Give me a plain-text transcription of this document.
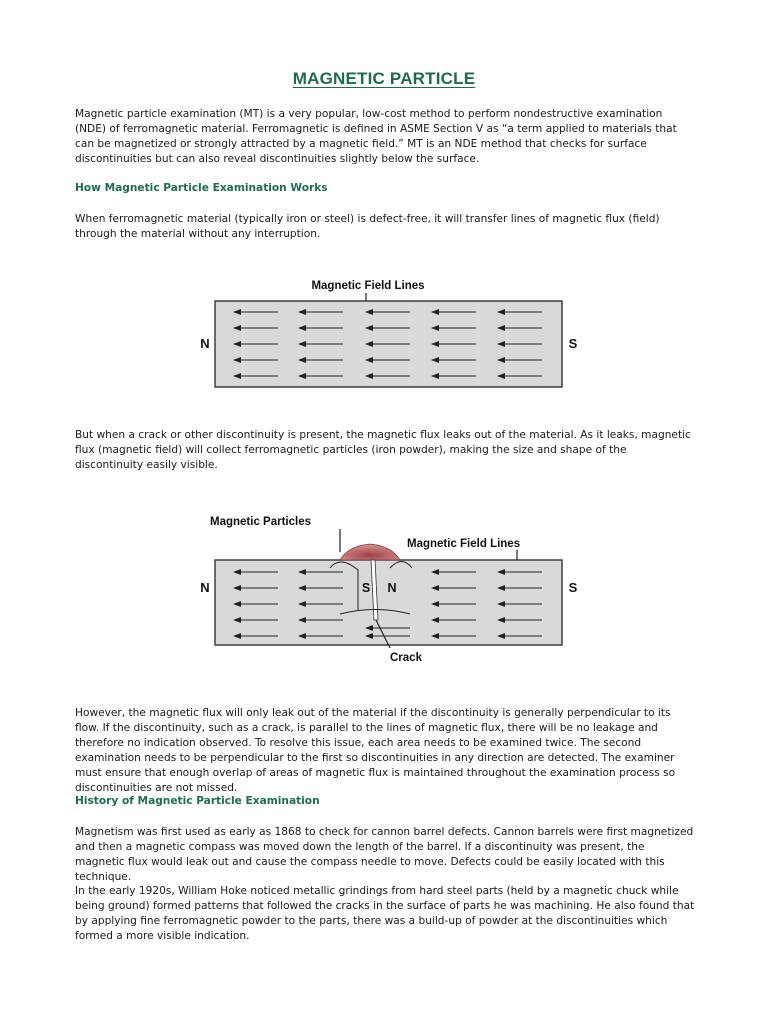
MAGNETIC PARTICLE

Magnetic particle examination (MT) is a very popular, low-cost method to perform nondestructive examination (NDE) of ferromagnetic material. Ferromagnetic is defined in ASME Section V as “a term applied to materials that can be magnetized or strongly attracted by a magnetic field.” MT is an NDE method that checks for surface discontinuities but can also reveal discontinuities slightly below the surface.

How Magnetic Particle Examination Works

When ferromagnetic material (typically iron or steel) is defect-free, it will transfer lines of magnetic flux (field) through the material without any interruption.

Magnetic Field Lines
N	S

But when a crack or other discontinuity is present, the magnetic flux leaks out of the material. As it leaks, magnetic flux (magnetic field) will collect ferromagnetic particles (iron powder), making the size and shape of the discontinuity easily visible.

Magnetic Particles
Magnetic Field Lines
S N
Crack
N	S

However, the magnetic flux will only leak out of the material if the discontinuity is generally perpendicular to its flow. If the discontinuity, such as a crack, is parallel to the lines of magnetic flux, there will be no leakage and therefore no indication observed. To resolve this issue, each area needs to be examined twice. The second examination needs to be perpendicular to the first so discontinuities in any direction are detected. The examiner must ensure that enough overlap of areas of magnetic flux is maintained throughout the examination process so discontinuities are not missed.

History of Magnetic Particle Examination

Magnetism was first used as early as 1868 to check for cannon barrel defects. Cannon barrels were first magnetized and then a magnetic compass was moved down the length of the barrel. If a discontinuity was present, the magnetic flux would leak out and cause the compass needle to move. Defects could be easily located with this technique.

In the early 1920s, William Hoke noticed metallic grindings from hard steel parts (held by a magnetic chuck while being ground) formed patterns that followed the cracks in the surface of parts he was machining. He also found that by applying fine ferromagnetic powder to the parts, there was a build-up of powder at the discontinuities which formed a more visible indication.
